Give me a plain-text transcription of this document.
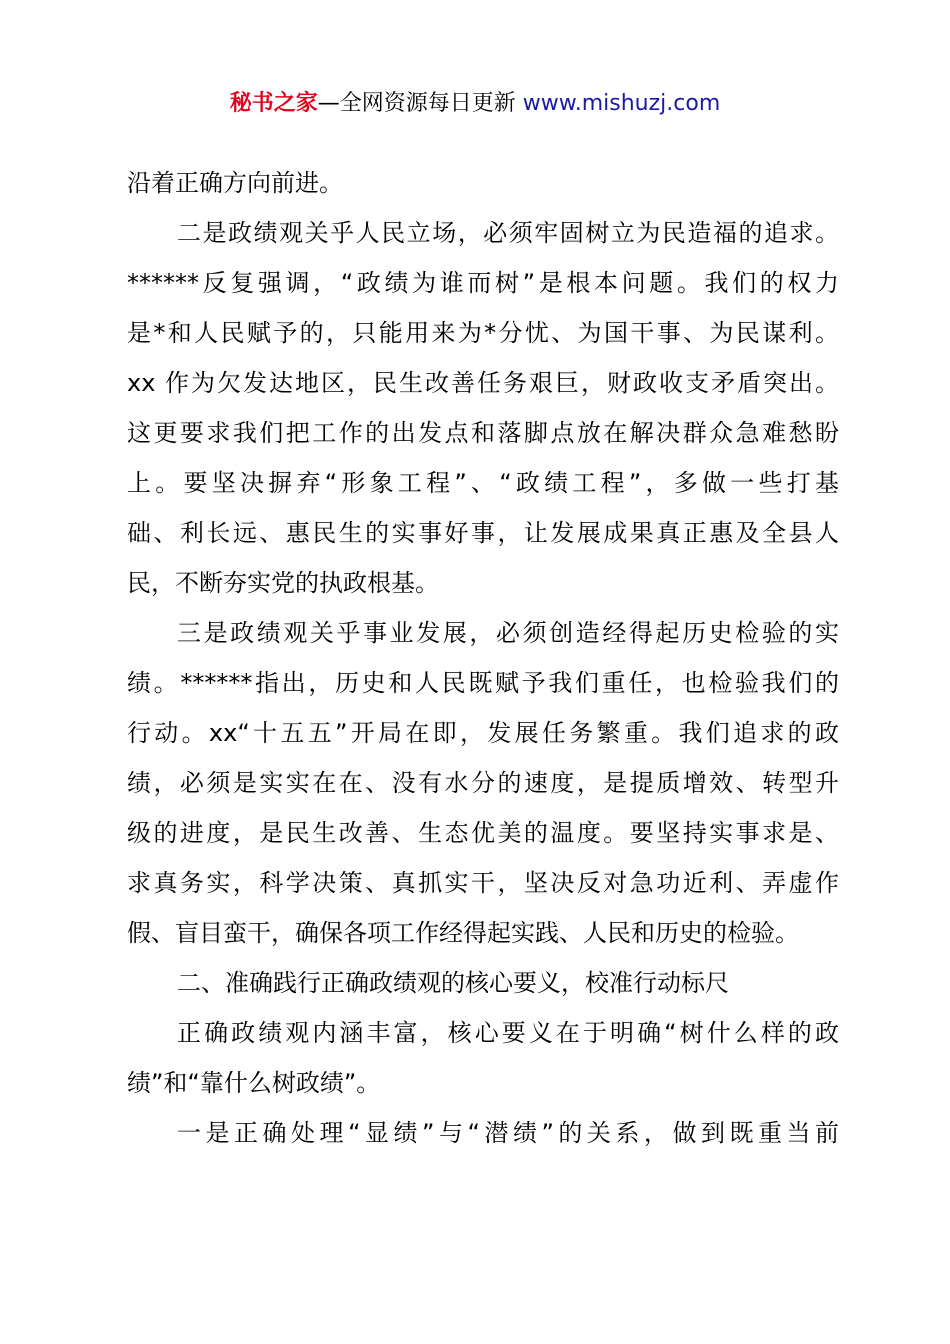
秘书之家—全网资源每日更新 www.mishuzj.com
沿着正确方向前进。
二是政绩观关乎人民立场，必须牢固树立为民造福的追求。
******反复强调，“政绩为谁而树”是根本问题。我们的权力
是*和人民赋予的，只能用来为*分忧、为国干事、为民谋利。
xx 作为欠发达地区，民生改善任务艰巨，财政收支矛盾突出。
这更要求我们把工作的出发点和落脚点放在解决群众急难愁盼
上。要坚决摒弃“形象工程”、“政绩工程”，多做一些打基
础、利长远、惠民生的实事好事，让发展成果真正惠及全县人
民，不断夯实党的执政根基。
三是政绩观关乎事业发展，必须创造经得起历史检验的实
绩。******指出，历史和人民既赋予我们重任，也检验我们的
行动。xx“十五五”开局在即，发展任务繁重。我们追求的政
绩，必须是实实在在、没有水分的速度，是提质增效、转型升
级的进度，是民生改善、生态优美的温度。要坚持实事求是、
求真务实，科学决策、真抓实干，坚决反对急功近利、弄虚作
假、盲目蛮干，确保各项工作经得起实践、人民和历史的检验。
二、准确践行正确政绩观的核心要义，校准行动标尺
正确政绩观内涵丰富，核心要义在于明确“树什么样的政
绩”和“靠什么树政绩”。
一是正确处理“显绩”与“潜绩”的关系，做到既重当前
